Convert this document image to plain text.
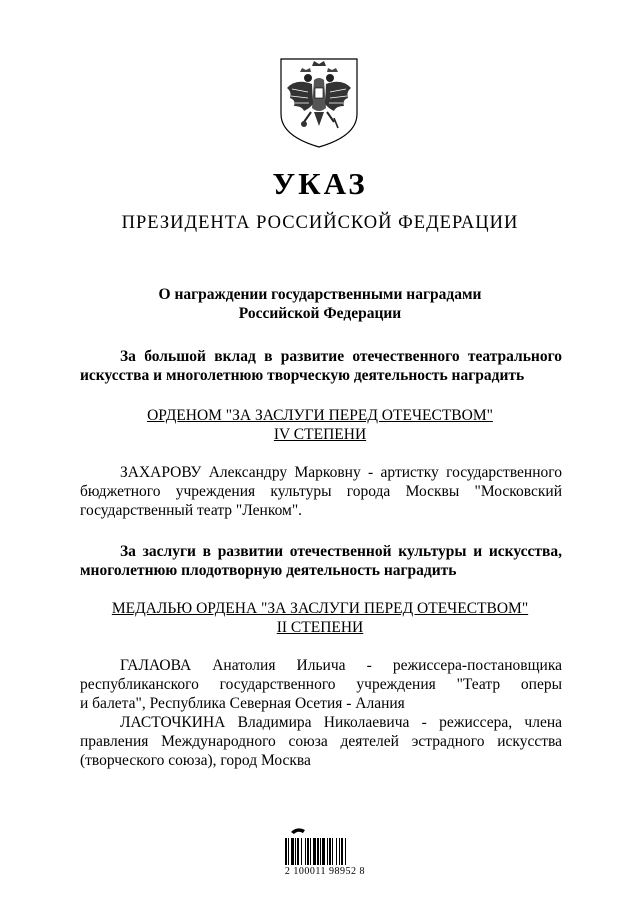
УКАЗ
ПРЕЗИДЕНТА РОССИЙСКОЙ ФЕДЕРАЦИИ
О награждении государственными наградами
Российской Федерации
За большой вклад в развитие отечественного театрального
искусства и многолетнюю творческую деятельность наградить
ОРДЕНОМ "ЗА ЗАСЛУГИ ПЕРЕД ОТЕЧЕСТВОМ"
IV СТЕПЕНИ
ЗАХАРОВУ Александру Марковну - артистку государственного
бюджетного учреждения культуры города Москвы "Московский
государственный театр "Ленком".
За заслуги в развитии отечественной культуры и искусства,
многолетнюю плодотворную деятельность наградить
МЕДАЛЬЮ ОРДЕНА "ЗА ЗАСЛУГИ ПЕРЕД ОТЕЧЕСТВОМ"
II СТЕПЕНИ
ГАЛАОВА Анатолия Ильича - режиссера-постановщика
республиканского государственного учреждения "Театр оперы
и балета", Республика Северная Осетия - Алания
ЛАСТОЧКИНА Владимира Николаевича - режиссера, члена
правления Международного союза деятелей эстрадного искусства
(творческого союза), город Москва
2 100011 98952 8
